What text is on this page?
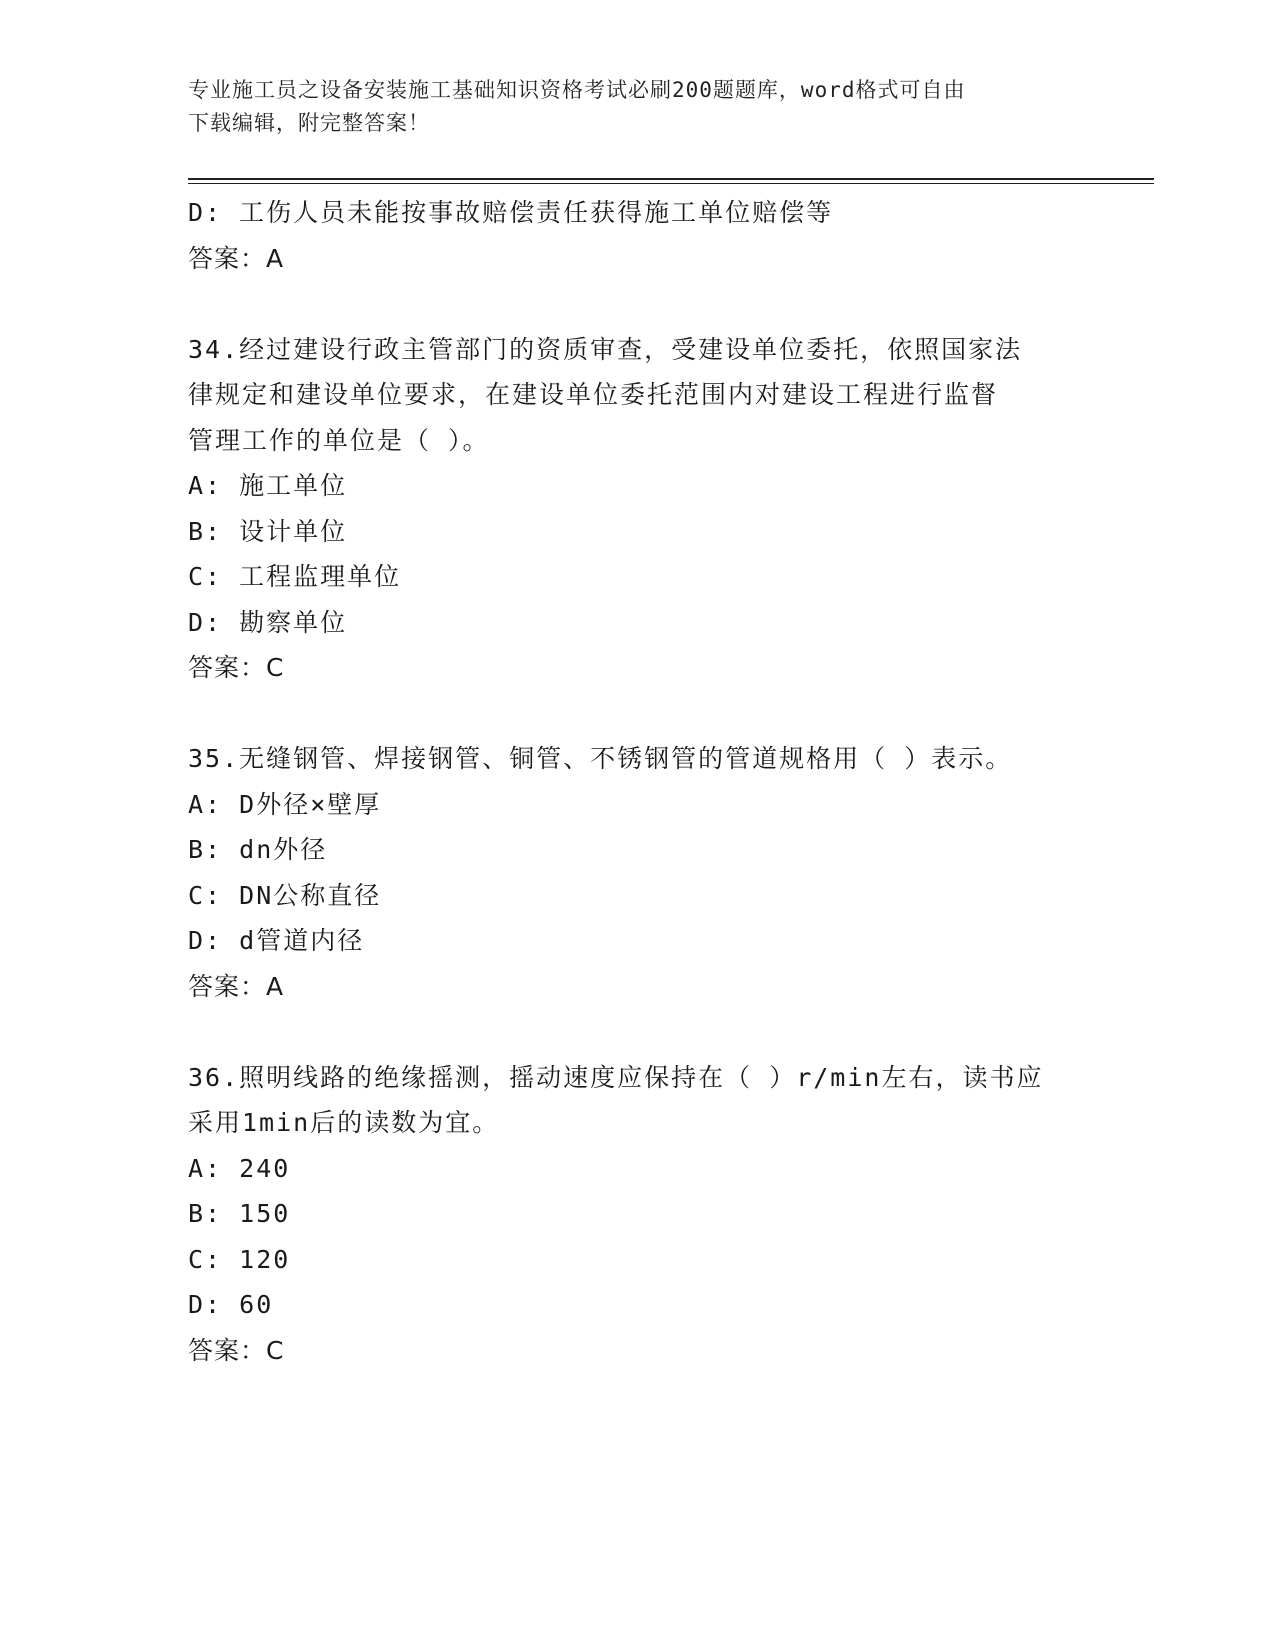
专业施工员之设备安装施工基础知识资格考试必刷200题题库，word格式可自由
下载编辑，附完整答案！
D: 工伤人员未能按事故赔偿责任获得施工单位赔偿等
答案：A
34.经过建设行政主管部门的资质审查，受建设单位委托，依照国家法
律规定和建设单位要求，在建设单位委托范围内对建设工程进行监督
管理工作的单位是（ ）。
A: 施工单位
B: 设计单位
C: 工程监理单位
D: 勘察单位
答案：C
35.无缝钢管、焊接钢管、铜管、不锈钢管的管道规格用（ ）表示。
A: D外径×壁厚
B: dn外径
C: DN公称直径
D: d管道内径
答案：A
36.照明线路的绝缘摇测，摇动速度应保持在（ ）r/min左右，读书应
采用1min后的读数为宜。
A: 240
B: 150
C: 120
D: 60
答案：C
